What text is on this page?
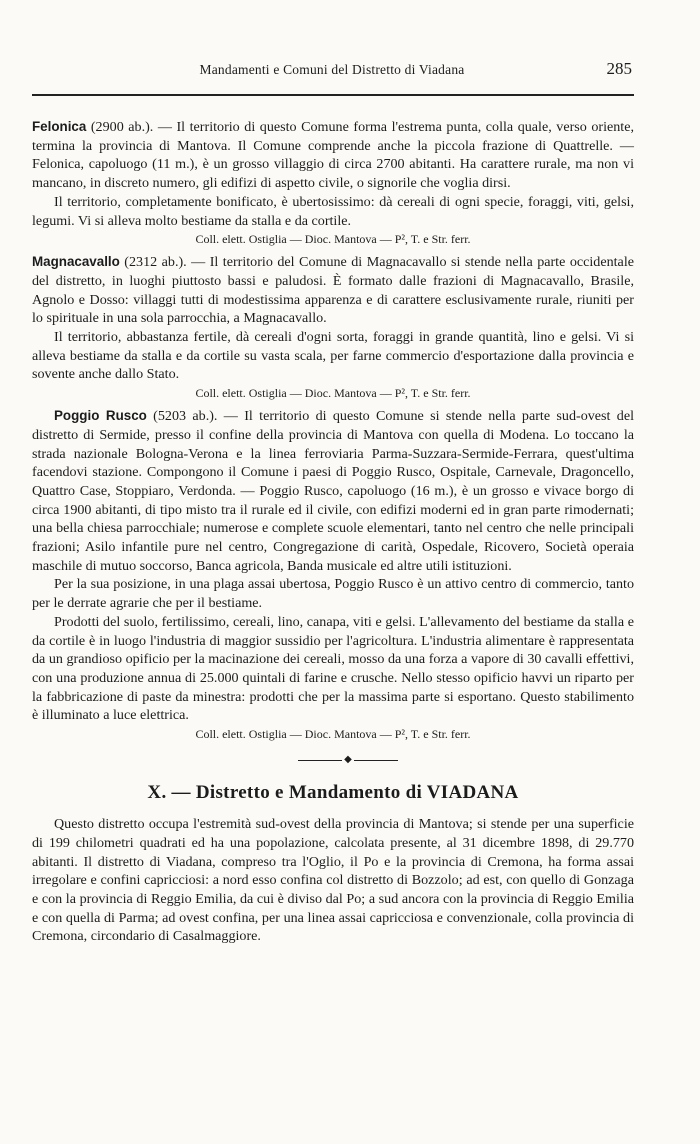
Mandamenti e Comuni del Distretto di Viadana	285

Felonica (2900 ab.). — Il territorio di questo Comune forma l'estrema punta, colla quale, verso oriente, termina la provincia di Mantova. Il Comune comprende anche la piccola frazione di Quattrelle. — Felonica, capoluogo (11 m.), è un grosso villaggio di circa 2700 abitanti. Ha carattere rurale, ma non vi mancano, in discreto numero, gli edifizi di aspetto civile, o signorile che voglia dirsi.

Il territorio, completamente bonificato, è ubertosissimo: dà cereali di ogni specie, foraggi, viti, gelsi, legumi. Vi si alleva molto bestiame da stalla e da cortile.

Coll. elett. Ostiglia — Dioc. Mantova — P², T. e Str. ferr.

Magnacavallo (2312 ab.). — Il territorio del Comune di Magnacavallo si stende nella parte occidentale del distretto, in luoghi piuttosto bassi e paludosi. È formato dalle frazioni di Magnacavallo, Brasile, Agnolo e Dosso: villaggi tutti di modestissima apparenza e di carattere esclusivamente rurale, riuniti per lo spirituale in una sola parrocchia, a Magnacavallo.

Il territorio, abbastanza fertile, dà cereali d'ogni sorta, foraggi in grande quantità, lino e gelsi. Vi si alleva bestiame da stalla e da cortile su vasta scala, per farne commercio d'esportazione dalla provincia e sovente anche dallo Stato.

Coll. elett. Ostiglia — Dioc. Mantova — P², T. e Str. ferr.

Poggio Rusco (5203 ab.). — Il territorio di questo Comune si stende nella parte sud-ovest del distretto di Sermide, presso il confine della provincia di Mantova con quella di Modena. Lo toccano la strada nazionale Bologna-Verona e la linea ferroviaria Parma-Suzzara-Sermide-Ferrara, quest'ultima facendovi stazione. Compongono il Comune i paesi di Poggio Rusco, Ospitale, Carnevale, Dragoncello, Quattro Case, Stoppiaro, Verdonda. — Poggio Rusco, capoluogo (16 m.), è un grosso e vivace borgo di circa 1900 abitanti, di tipo misto tra il rurale ed il civile, con edifizi moderni ed in gran parte rimodernati; una bella chiesa parrocchiale; numerose e complete scuole elementari, tanto nel centro che nelle principali frazioni; Asilo infantile pure nel centro, Congregazione di carità, Ospedale, Ricovero, Società operaia maschile di mutuo soccorso, Banca agricola, Banda musicale ed altre utili istituzioni.

Per la sua posizione, in una plaga assai ubertosa, Poggio Rusco è un attivo centro di commercio, tanto per le derrate agrarie che per il bestiame.

Prodotti del suolo, fertilissimo, cereali, lino, canapa, viti e gelsi. L'allevamento del bestiame da stalla e da cortile è in luogo l'industria di maggior sussidio per l'agricoltura. L'industria alimentare è rappresentata da un grandioso opificio per la macinazione dei cereali, mosso da una forza a vapore di 30 cavalli effettivi, con una produzione annua di 25.000 quintali di farine e crusche. Nello stesso opificio havvi un riparto per la fabbricazione di paste da minestra: prodotti che per la massima parte si esportano. Questo stabilimento è illuminato a luce elettrica.

Coll. elett. Ostiglia — Dioc. Mantova — P², T. e Str. ferr.

◆
X. — Distretto e Mandamento di VIADANA

Questo distretto occupa l'estremità sud-ovest della provincia di Mantova; si stende per una superficie di 199 chilometri quadrati ed ha una popolazione, calcolata presente, al 31 dicembre 1898, di 29.770 abitanti. Il distretto di Viadana, compreso tra l'Oglio, il Po e la provincia di Cremona, ha forma assai irregolare e confini capricciosi: a nord esso confina col distretto di Bozzolo; ad est, con quello di Gonzaga e con la provincia di Reggio Emilia, da cui è diviso dal Po; a sud ancora con la provincia di Reggio Emilia e con quella di Parma; ad ovest confina, per una linea assai capricciosa e convenzionale, colla provincia di Cremona, circondario di Casalmaggiore.
